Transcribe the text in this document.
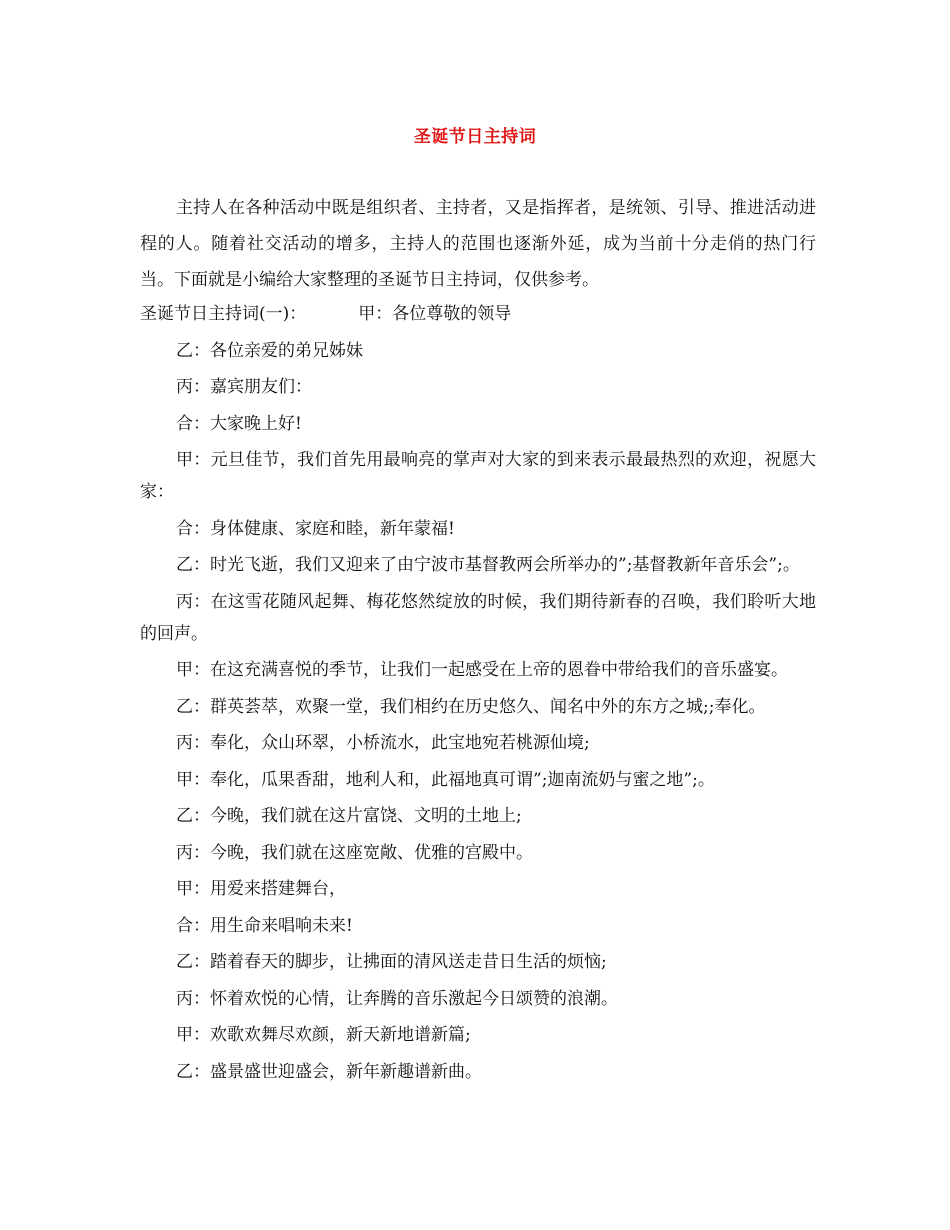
圣诞节日主持词

主持人在各种活动中既是组织者、主持者，又是指挥者，是统领、引导、推进活动进程的人。随着社交活动的增多，主持人的范围也逐渐外延，成为当前十分走俏的热门行当。下面就是小编给大家整理的圣诞节日主持词，仅供参考。

圣诞节日主持词(一)：	甲：各位尊敬的领导

乙：各位亲爱的弟兄姊妹

丙：嘉宾朋友们：

合：大家晚上好!

甲：元旦佳节，我们首先用最响亮的掌声对大家的到来表示最最热烈的欢迎，祝愿大家：

合：身体健康、家庭和睦，新年蒙福!

乙：时光飞逝，我们又迎来了由宁波市基督教两会所举办的”;基督教新年音乐会”;。

丙：在这雪花随风起舞、梅花悠然绽放的时候，我们期待新春的召唤，我们聆听大地的回声。

甲：在这充满喜悦的季节，让我们一起感受在上帝的恩眷中带给我们的音乐盛宴。

乙：群英荟萃，欢聚一堂，我们相约在历史悠久、闻名中外的东方之城;;奉化。

丙：奉化，众山环翠，小桥流水，此宝地宛若桃源仙境;

甲：奉化，瓜果香甜，地利人和，此福地真可谓”;迦南流奶与蜜之地”;。

乙：今晚，我们就在这片富饶、文明的土地上;

丙：今晚，我们就在这座宽敞、优雅的宫殿中。

甲：用爱来搭建舞台，

合：用生命来唱响未来!

乙：踏着春天的脚步，让拂面的清风送走昔日生活的烦恼;

丙：怀着欢悦的心情，让奔腾的音乐激起今日颂赞的浪潮。

甲：欢歌欢舞尽欢颜，新天新地谱新篇;

乙：盛景盛世迎盛会，新年新趣谱新曲。
